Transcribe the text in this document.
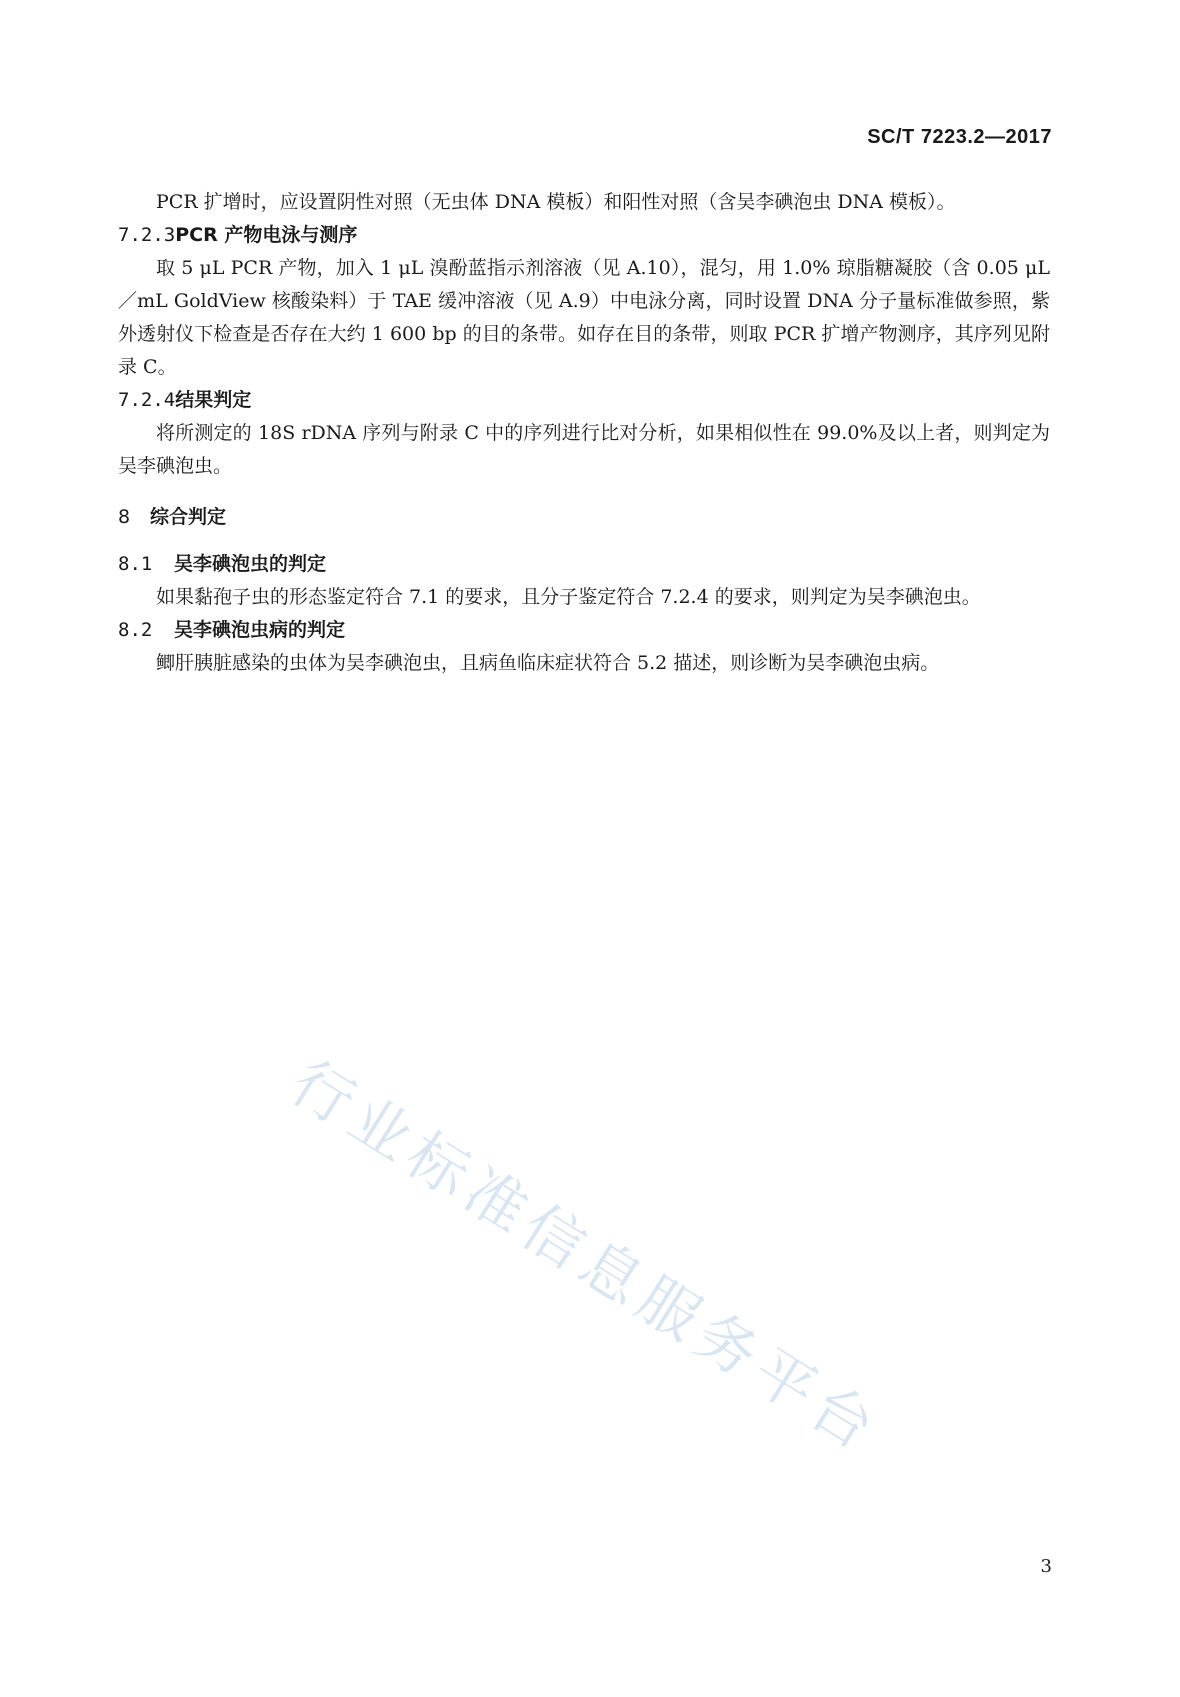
SC/T 7223.2—2017

PCR 扩增时，应设置阴性对照（无虫体 DNA 模板）和阳性对照（含吴李碘泡虫 DNA 模板）。

7.2.3PCR 产物电泳与测序

取 5 μL PCR 产物，加入 1 μL 溴酚蓝指示剂溶液（见 A.10），混匀，用 1.0% 琼脂糖凝胶（含 0.05 μL／mL GoldView 核酸染料）于 TAE 缓冲溶液（见 A.9）中电泳分离，同时设置 DNA 分子量标准做参照，紫外透射仪下检查是否存在大约 1 600 bp 的目的条带。如存在目的条带，则取 PCR 扩增产物测序，其序列见附录 C。

7.2.4结果判定

将所测定的 18S rDNA 序列与附录 C 中的序列进行比对分析，如果相似性在 99.0%及以上者，则判定为吴李碘泡虫。

8 综合判定
8.1 吴李碘泡虫的判定

如果黏孢子虫的形态鉴定符合 7.1 的要求，且分子鉴定符合 7.2.4 的要求，则判定为吴李碘泡虫。

8.2 吴李碘泡虫病的判定

鲫肝胰脏感染的虫体为吴李碘泡虫，且病鱼临床症状符合 5.2 描述，则诊断为吴李碘泡虫病。

行业标准信息服务平台
3
